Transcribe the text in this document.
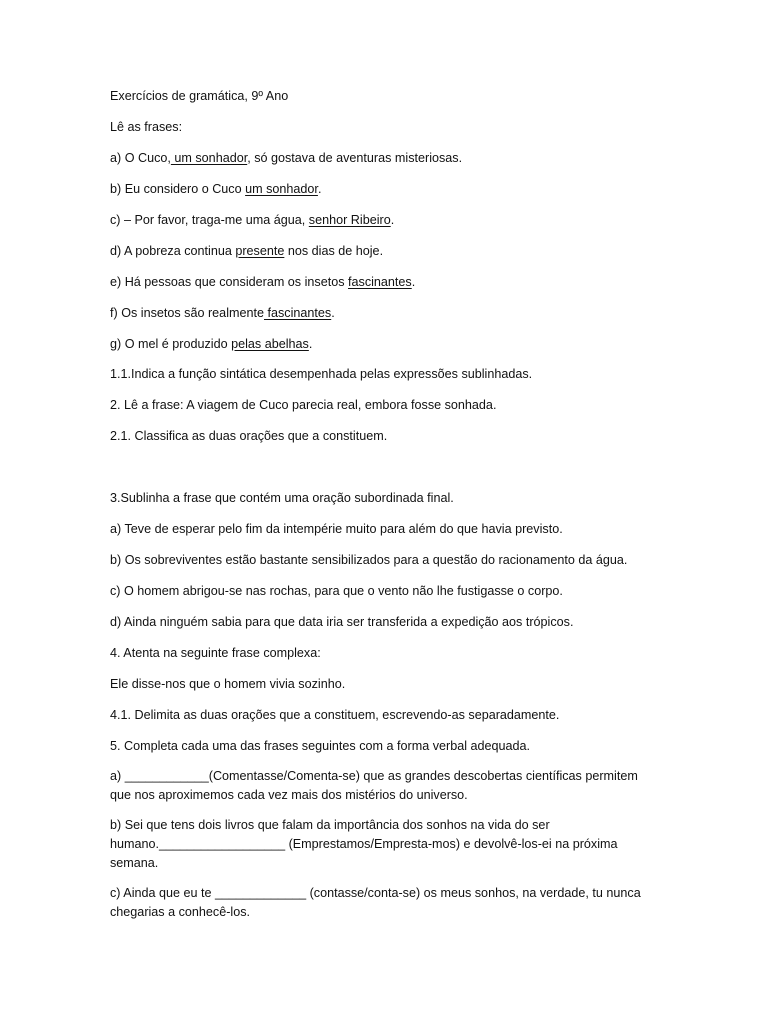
Exercícios de gramática, 9º Ano
Lê as frases:
a) O Cuco, um sonhador, só gostava de aventuras misteriosas.
b) Eu considero o Cuco um sonhador.
c) – Por favor, traga-me uma água, senhor Ribeiro.
d) A pobreza continua presente nos dias de hoje.
e) Há pessoas que consideram os insetos fascinantes.
f) Os insetos são realmente fascinantes.
g) O mel é produzido pelas abelhas.
1.1.Indica a função sintática desempenhada pelas expressões sublinhadas.
2. Lê a frase: A viagem de Cuco parecia real, embora fosse sonhada.
2.1. Classifica as duas orações que a constituem.
3.Sublinha a frase que contém uma oração subordinada final.
a) Teve de esperar pelo fim da intempérie muito para além do que havia previsto.
b) Os sobreviventes estão bastante sensibilizados para a questão do racionamento da água.
c) O homem abrigou-se nas rochas, para que o vento não lhe fustigasse o corpo.
d) Ainda ninguém sabia para que data iria ser transferida a expedição aos trópicos.
4. Atenta na seguinte frase complexa:
Ele disse-nos que o homem vivia sozinho.
4.1. Delimita as duas orações que a constituem, escrevendo-as separadamente.
5. Completa cada uma das frases seguintes com a forma verbal adequada.
a) ____________(Comentasse/Comenta-se) que as grandes descobertas científicas permitem que nos aproximemos cada vez mais dos mistérios do universo.
b) Sei que tens dois livros que falam da importância dos sonhos na vida do ser humano.__________________ (Emprestamos/Empresta-mos) e devolvê-los-ei na próxima semana.
c) Ainda que eu te _____________ (contasse/conta-se) os meus sonhos, na verdade, tu nunca chegarias a conhecê-los.
